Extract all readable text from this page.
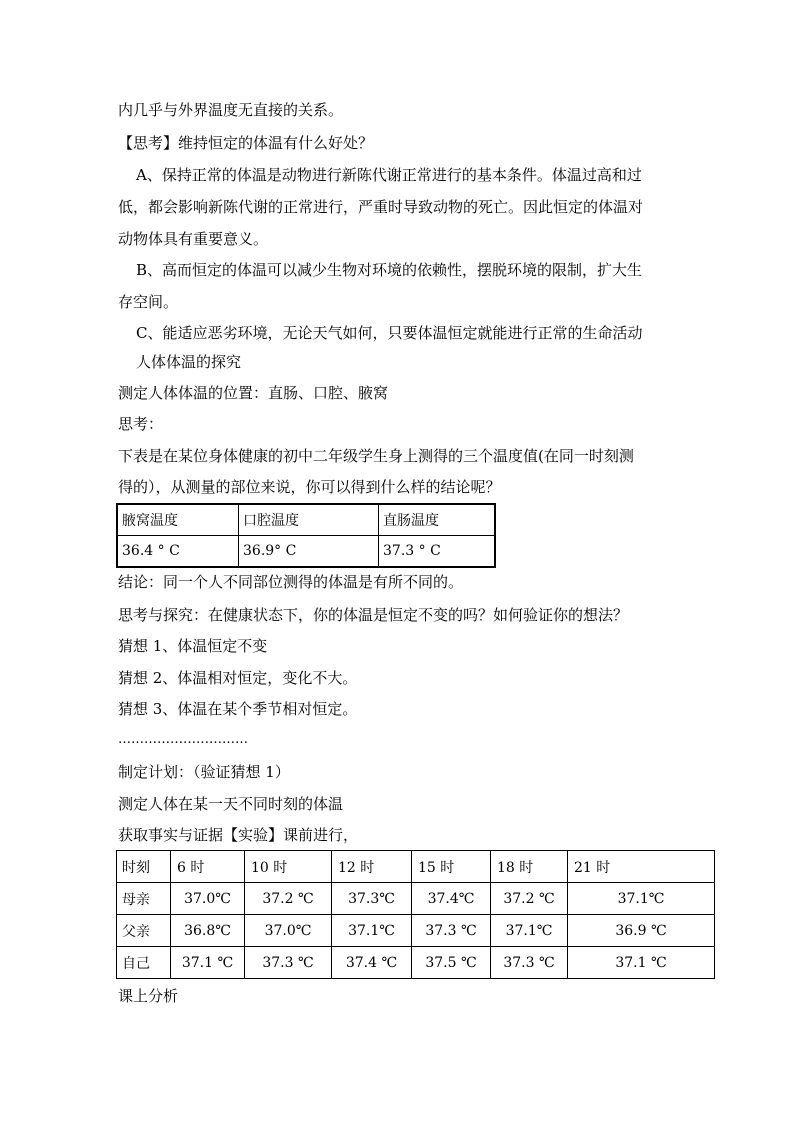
内几乎与外界温度无直接的关系。
【思考】维持恒定的体温有什么好处？
A、保持正常的体温是动物进行新陈代谢正常进行的基本条件。体温过高和过
低，都会影响新陈代谢的正常进行，严重时导致动物的死亡。因此恒定的体温对
动物体具有重要意义。
B、高而恒定的体温可以减少生物对环境的依赖性，摆脱环境的限制，扩大生
存空间。
C、能适应恶劣环境，无论天气如何，只要体温恒定就能进行正常的生命活动
人体体温的探究
测定人体体温的位置：直肠、口腔、腋窝
思考：
下表是在某位身体健康的初中二年级学生身上测得的三个温度值(在同一时刻测
得的），从测量的部位来说，你可以得到什么样的结论呢？
腋窝温度	口腔温度	直肠温度
36.4 ° C	36.9° C	37.3 ° C
结论：同一个人不同部位测得的体温是有所不同的。
思考与探究：在健康状态下，你的体温是恒定不变的吗？如何验证你的想法？
猜想 1、体温恒定不变
猜想 2、体温相对恒定，变化不大。
猜想 3、体温在某个季节相对恒定。
…………………………
制定计划：（验证猜想 1）
测定人体在某一天不同时刻的体温
获取事实与证据【实验】课前进行，
时刻	6 时	10 时	12 时	15 时	18 时	21 时
母亲	37.0℃	37.2 ℃	37.3℃	37.4℃	37.2 ℃	37.1℃
父亲	36.8℃	37.0℃	37.1℃	37.3 ℃	37.1℃	36.9 ℃
自己	37.1 ℃	37.3 ℃	37.4 ℃	37.5 ℃	37.3 ℃	37.1 ℃
课上分析
